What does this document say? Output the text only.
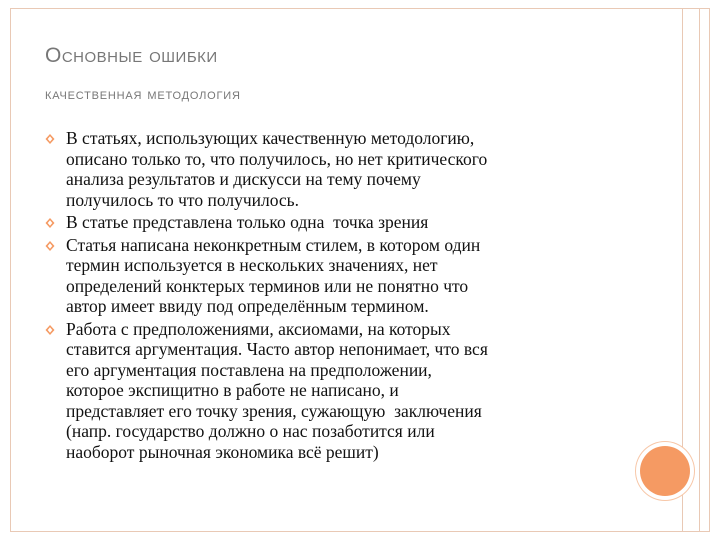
Основные ошибки
качественная методология
В статьях, использующих качественную методологию,
описано только то, что получилось, но нет критического
анализа результатов и дискусси на тему почему
получилось то что получилось.
В статье представлена только одна  точка зрения
Статья написана неконкретным стилем, в котором один
термин используется в нескольких значениях, нет
определений конктерых терминов или не понятно что
автор имеет ввиду под определённым термином.
Работа с предположениями, аксиомами, на которых
ставится аргументация. Часто автор непонимает, что вся
его аргументация поставлена на предположении,
которое экспищитно в работе не написано, и
представляет его точку зрения, сужающую  заключения
(напр. государство должно о нас позаботится или
наоборот рыночная экономика всё решит)
